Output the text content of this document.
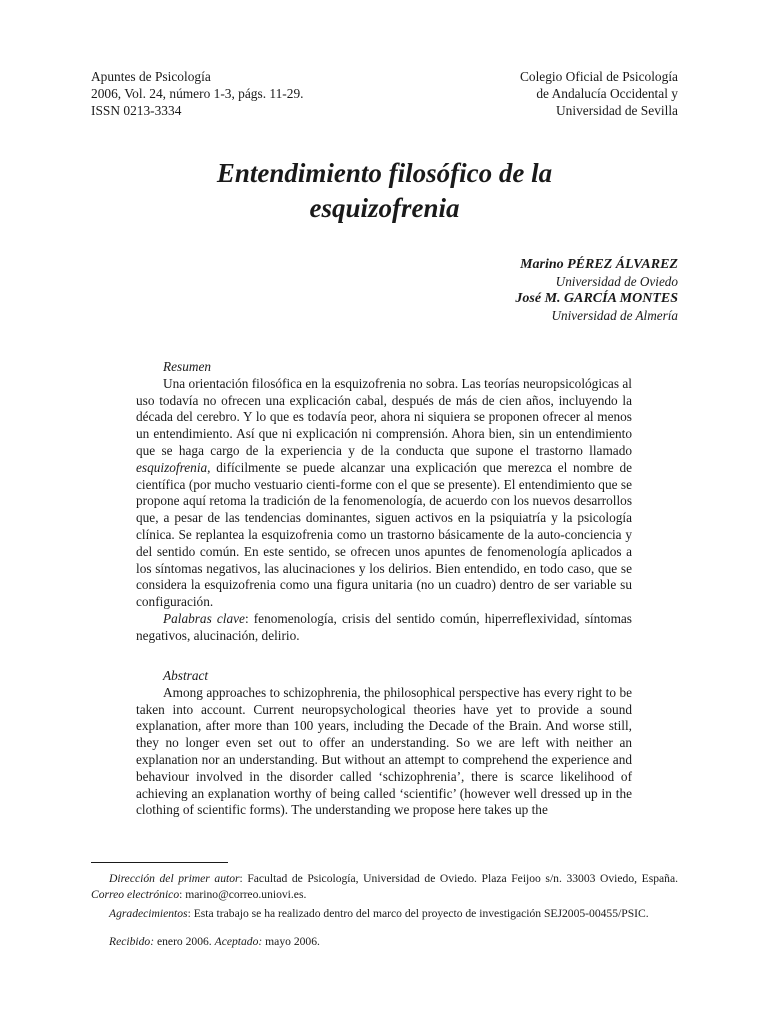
Apuntes de Psicología
2006, Vol. 24, número 1-3, págs. 11-29.
ISSN 0213-3334
Colegio Oficial de Psicología
de Andalucía Occidental y
Universidad de Sevilla
Entendimiento filosófico de la
esquizofrenia
Marino PÉREZ ÁLVAREZ
Universidad de Oviedo
José M. GARCÍA MONTES
Universidad de Almería

Resumen

Una orientación filosófica en la esquizofrenia no sobra. Las teorías neuropsicológicas al uso todavía no ofrecen una explicación cabal, después de más de cien años, incluyendo la década del cerebro. Y lo que es todavía peor, ahora ni siquiera se proponen ofrecer al menos un entendimiento. Así que ni explicación ni comprensión. Ahora bien, sin un entendimiento que se haga cargo de la experiencia y de la conducta que supone el trastorno llamado esquizofrenia, difícilmente se puede alcanzar una explicación que merezca el nombre de científica (por mucho vestuario cienti-forme con el que se presente). El entendimiento que se propone aquí retoma la tradición de la fenomenología, de acuerdo con los nuevos desarrollos que, a pesar de las tendencias dominantes, siguen activos en la psiquiatría y la psicología clínica. Se replantea la esquizofrenia como un trastorno básicamente de la auto-conciencia y del sentido común. En este sentido, se ofrecen unos apuntes de fenomenología aplicados a los síntomas negativos, las alucinaciones y los delirios. Bien entendido, en todo caso, que se considera la esquizofrenia como una figura unitaria (no un cuadro) dentro de ser variable su configuración.

Palabras clave: fenomenología, crisis del sentido común, hiperreflexividad, síntomas negativos, alucinación, delirio.

Abstract

Among approaches to schizophrenia, the philosophical perspective has every right to be taken into account. Current neuropsychological theories have yet to provide a sound explanation, after more than 100 years, including the Decade of the Brain. And worse still, they no longer even set out to offer an understanding. So we are left with neither an explanation nor an understanding. But without an attempt to comprehend the experience and behaviour involved in the disorder called ‘schizophrenia’, there is scarce likelihood of achieving an explanation worthy of being called ‘scientific’ (however well dressed up in the clothing of scientific forms). The understanding we propose here takes up the

Dirección del primer autor: Facultad de Psicología, Universidad de Oviedo. Plaza Feijoo s/n. 33003 Oviedo, España. Correo electrónico: marino@correo.uniovi.es.

Agradecimientos: Esta trabajo se ha realizado dentro del marco del proyecto de investigación SEJ2005-00455/PSIC.

Recibido: enero 2006. Aceptado: mayo 2006.
